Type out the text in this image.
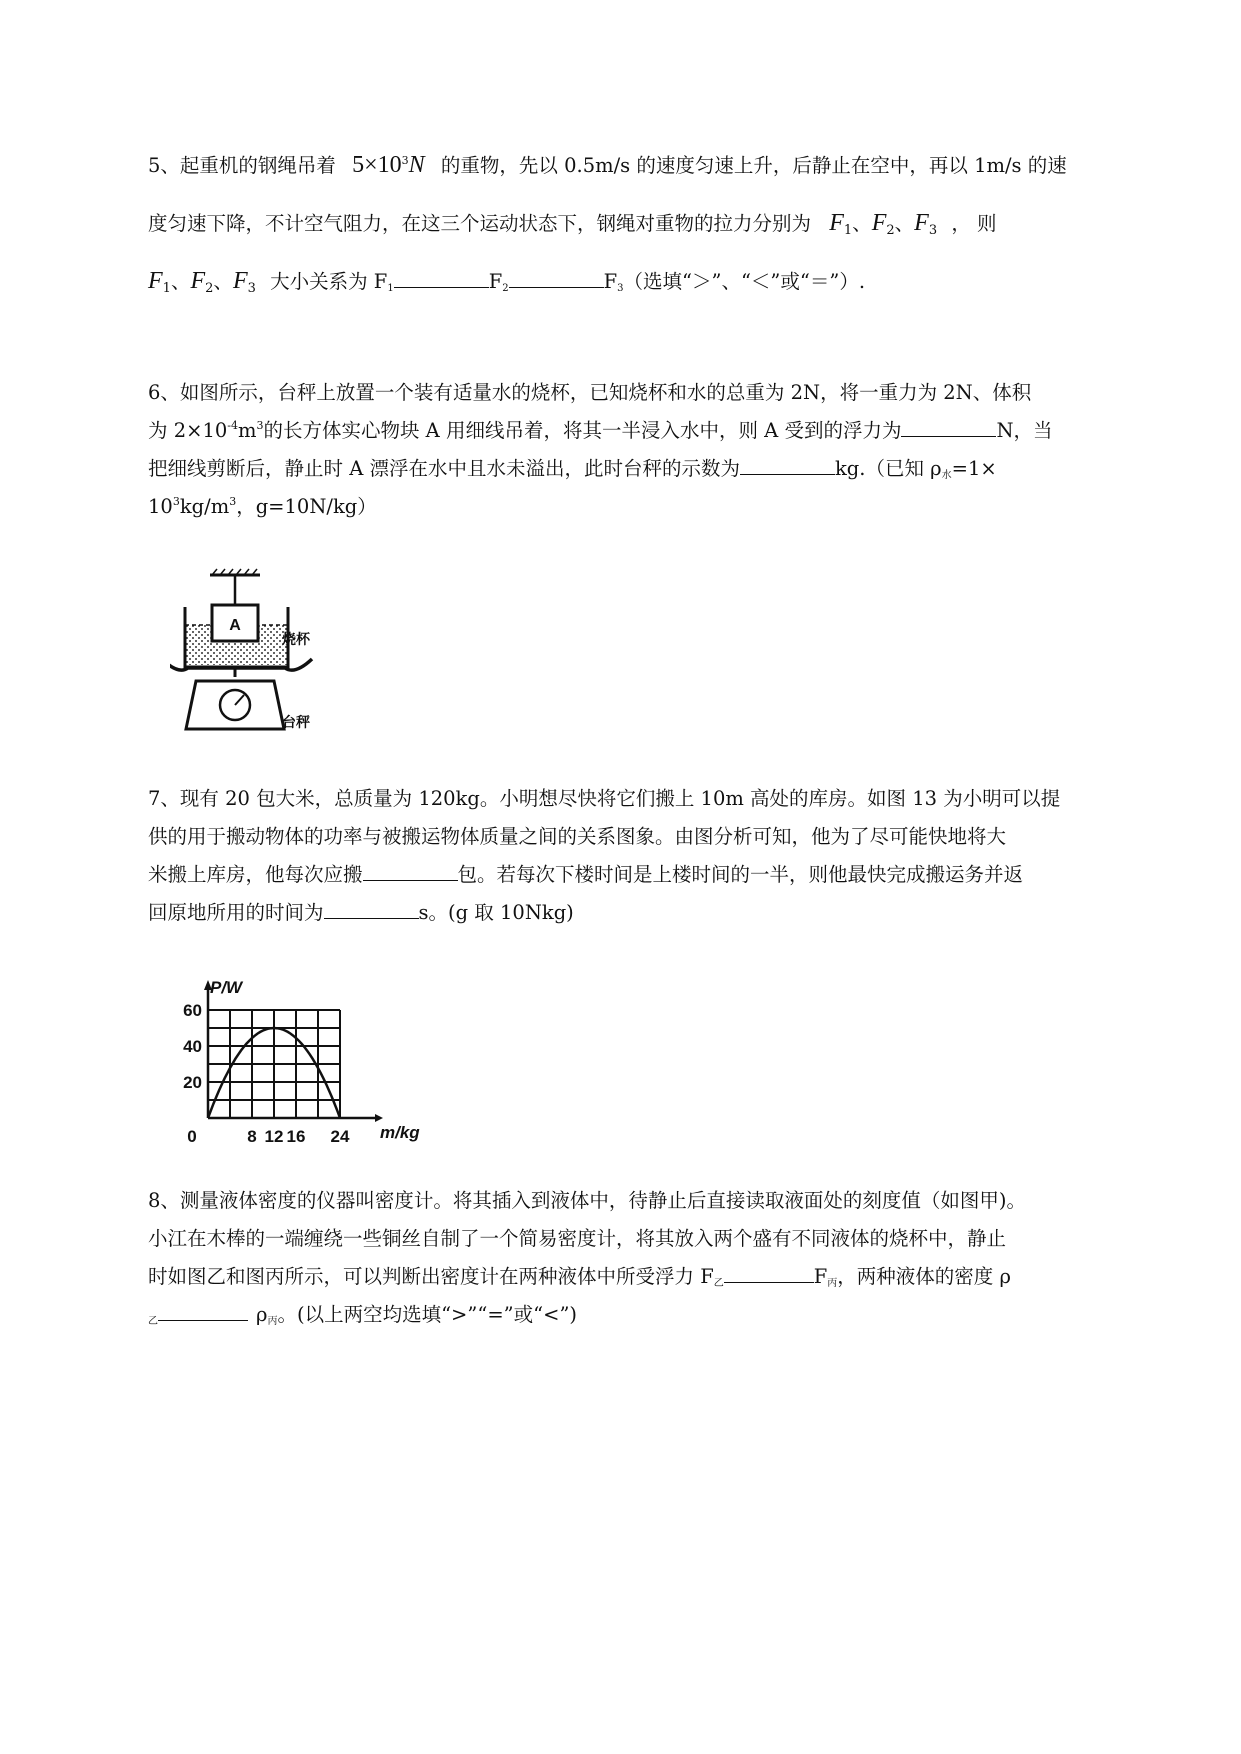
5、起重机的钢绳吊着 $5\times 10^3N$ 的重物，先以 0.5m/s 的速度匀速上升，后静止在空中，再以 1m/s 的速
度匀速下降，不计空气阻力，在这三个运动状态下，钢绳对重物的拉力分别为 $F_1$、$F_2$、$F_3$ ， 则
$F_1$、$F_2$、$F_3$ 大小关系为 F1	F2	F3（选填“＞”、“＜”或“＝”）.
6、如图所示，台秤上放置一个装有适量水的烧杯，已知烧杯和水的总重为 2N，将一重力为 2N、体积
为 $2\times 10^{-4}m^3$的长方体实心物块 A 用细线吊着，将其一半浸入水中，则 A 受到的浮力为	N，当
把细线剪断后，静止时 A 漂浮在水中且水未溢出，此时台秤的示数为	kg.（已知 ρ水=1×
$10^3kg/m^3$，g=10N/kg）
A
烧杯
台秤
7、现有 20 包大米，总质量为 120kg。小明想尽快将它们搬上 10m 高处的库房。如图 13 为小明可以提
供的用于搬动物体的功率与被搬运物体质量之间的关系图象。由图分析可知，他为了尽可能快地将大
米搬上库房，他每次应搬	包。若每次下楼时间是上楼时间的一半，则他最快完成搬运务并返
回原地所用的时间为	s。(g 取 10Nkg)
0	8 12 16 24
20
40
60
P/W
m/kg
8、测量液体密度的仪器叫密度计。将其插入到液体中，待静止后直接读取液面处的刻度值（如图甲)。
小江在木棒的一端缠绕一些铜丝自制了一个简易密度计，将其放入两个盛有不同液体的烧杯中，静止
时如图乙和图丙所示，可以判断出密度计在两种液体中所受浮力 F乙	F丙，两种液体的密度 ρ
乙	ρ丙。(以上两空均选填“>”“=”或“<”)
